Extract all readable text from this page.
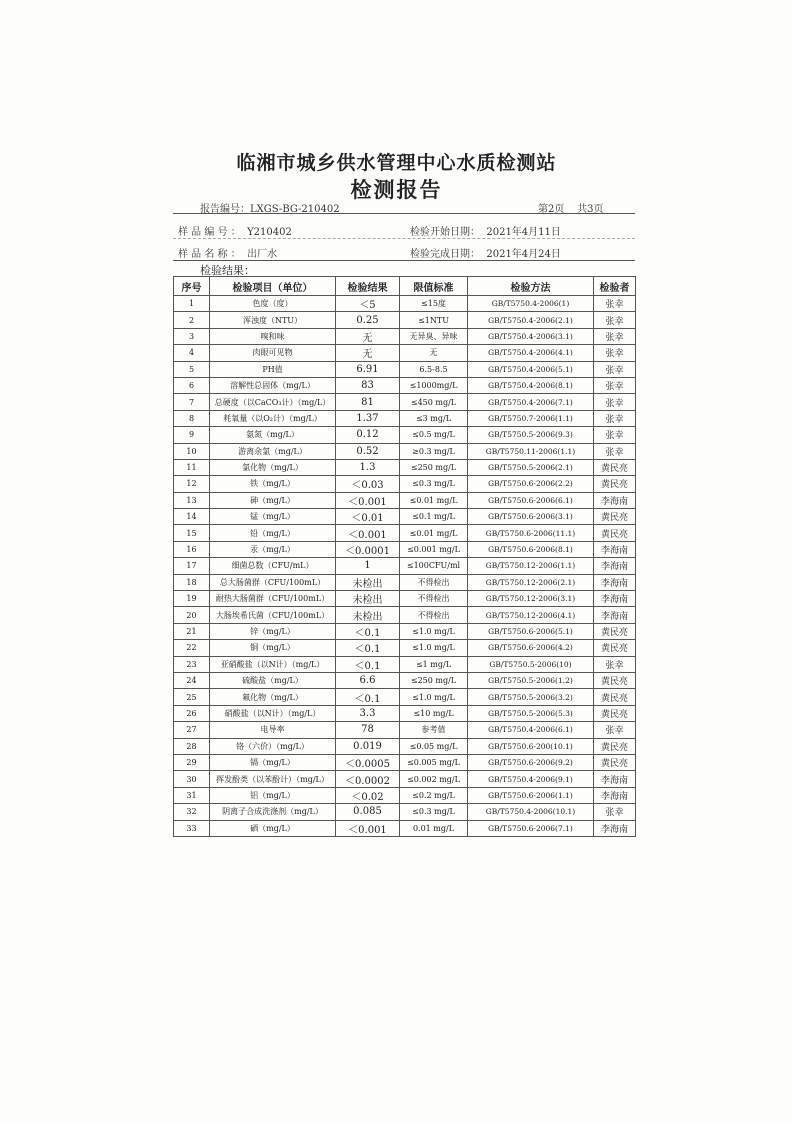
临湘市城乡供水管理中心水质检测站
检测报告
报告编号：LXGS-BG-210402	第2页 共3页
样 品 编 号 ： Y210402	检验开始日期： 2021年4月11日
样 品 名 称 ： 出厂水	检验完成日期： 2021年4月24日
检验结果：
序号	检验项目（单位）	检验结果	限值标准	检验方法	检验者
1	色度（度）	＜5	≤15度	GB/T5750.4-2006(1)	张幸
2	浑浊度（NTU）	0.25	≤1NTU	GB/T5750.4-2006(2.1)	张幸
3	嗅和味	无	无异臭、异味	GB/T5750.4-2006(3.1)	张幸
4	肉眼可见物	无	无	GB/T5750.4-2006(4.1)	张幸
5	PH值	6.91	6.5-8.5	GB/T5750.4-2006(5.1)	张幸
6	溶解性总固体（mg/L）	83	≤1000mg/L	GB/T5750.4-2006(8.1)	张幸
7	总硬度（以CaCO₃计）（mg/L）	81	≤450 mg/L	GB/T5750.4-2006(7.1)	张幸
8	耗氧量（以O₂计）（mg/L）	1.37	≤3 mg/L	GB/T5750.7-2006(1.1)	张幸
9	氨氮（mg/L）	0.12	≤0.5 mg/L	GB/T5750.5-2006(9.3)	张幸
10	游离余氯（mg/L）	0.52	≥0.3 mg/L	GB/T5750.11-2006(1.1)	张幸
11	氯化物（mg/L）	1.3	≤250 mg/L	GB/T5750.5-2006(2.1)	黄民亮
12	铁（mg/L）	＜0.03	≤0.3 mg/L	GB/T5750.6-2006(2.2)	黄民亮
13	砷（mg/L）	＜0.001	≤0.01 mg/L	GB/T5750.6-2006(6.1)	李海南
14	锰（mg/L）	＜0.01	≤0.1 mg/L	GB/T5750.6-2006(3.1)	黄民亮
15	铅（mg/L）	＜0.001	≤0.01 mg/L	GB/T5750.6-2006(11.1)	黄民亮
16	汞（mg/L）	＜0.0001	≤0.001 mg/L	GB/T5750.6-2006(8.1)	李海南
17	细菌总数（CFU/mL）	1	≤100CFU/ml	GB/T5750.12-2006(1.1)	李海南
18	总大肠菌群（CFU/100mL）	未检出	不得检出	GB/T5750.12-2006(2.1)	李海南
19	耐热大肠菌群（CFU/100mL）	未检出	不得检出	GB/T5750.12-2006(3.1)	李海南
20	大肠埃希氏菌（CFU/100mL）	未检出	不得检出	GB/T5750.12-2006(4.1)	李海南
21	锌（mg/L）	＜0.1	≤1.0 mg/L	GB/T5750.6-2006(5.1)	黄民亮
22	铜（mg/L）	＜0.1	≤1.0 mg/L	GB/T5750.6-2006(4.2)	黄民亮
23	亚硝酸盐（以N计）（mg/L）	＜0.1	≤1 mg/L	GB/T5750.5-2006(10)	张幸
24	硫酸盐（mg/L）	6.6	≤250 mg/L	GB/T5750.5-2006(1.2)	黄民亮
25	氟化物（mg/L）	＜0.1	≤1.0 mg/L	GB/T5750.5-2006(3.2)	黄民亮
26	硝酸盐（以N计）（mg/L）	3.3	≤10 mg/L	GB/T5750.5-2006(5.3)	黄民亮
27	电导率	78	参考值	GB/T5750.4-2006(6.1)	张幸
28	铬（六价）（mg/L）	0.019	≤0.05 mg/L	GB/T5750.6-200(10.1)	黄民亮
29	镉（mg/L）	＜0.0005	≤0.005 mg/L	GB/T5750.6-2006(9.2)	黄民亮
30	挥发酚类（以苯酚计）（mg/L）	＜0.0002	≤0.002 mg/L	GB/T5750.4-2006(9.1)	李海南
31	铝（mg/L）	＜0.02	≤0.2 mg/L	GB/T5750.6-2006(1.1)	李海南
32	阴离子合成洗涤剂（mg/L）	0.085	≤0.3 mg/L	GB/T5750.4-2006(10.1)	张幸
33	硒（mg/L）	＜0.001	0.01 mg/L	GB/T5750.6-2006(7.1)	李海南
